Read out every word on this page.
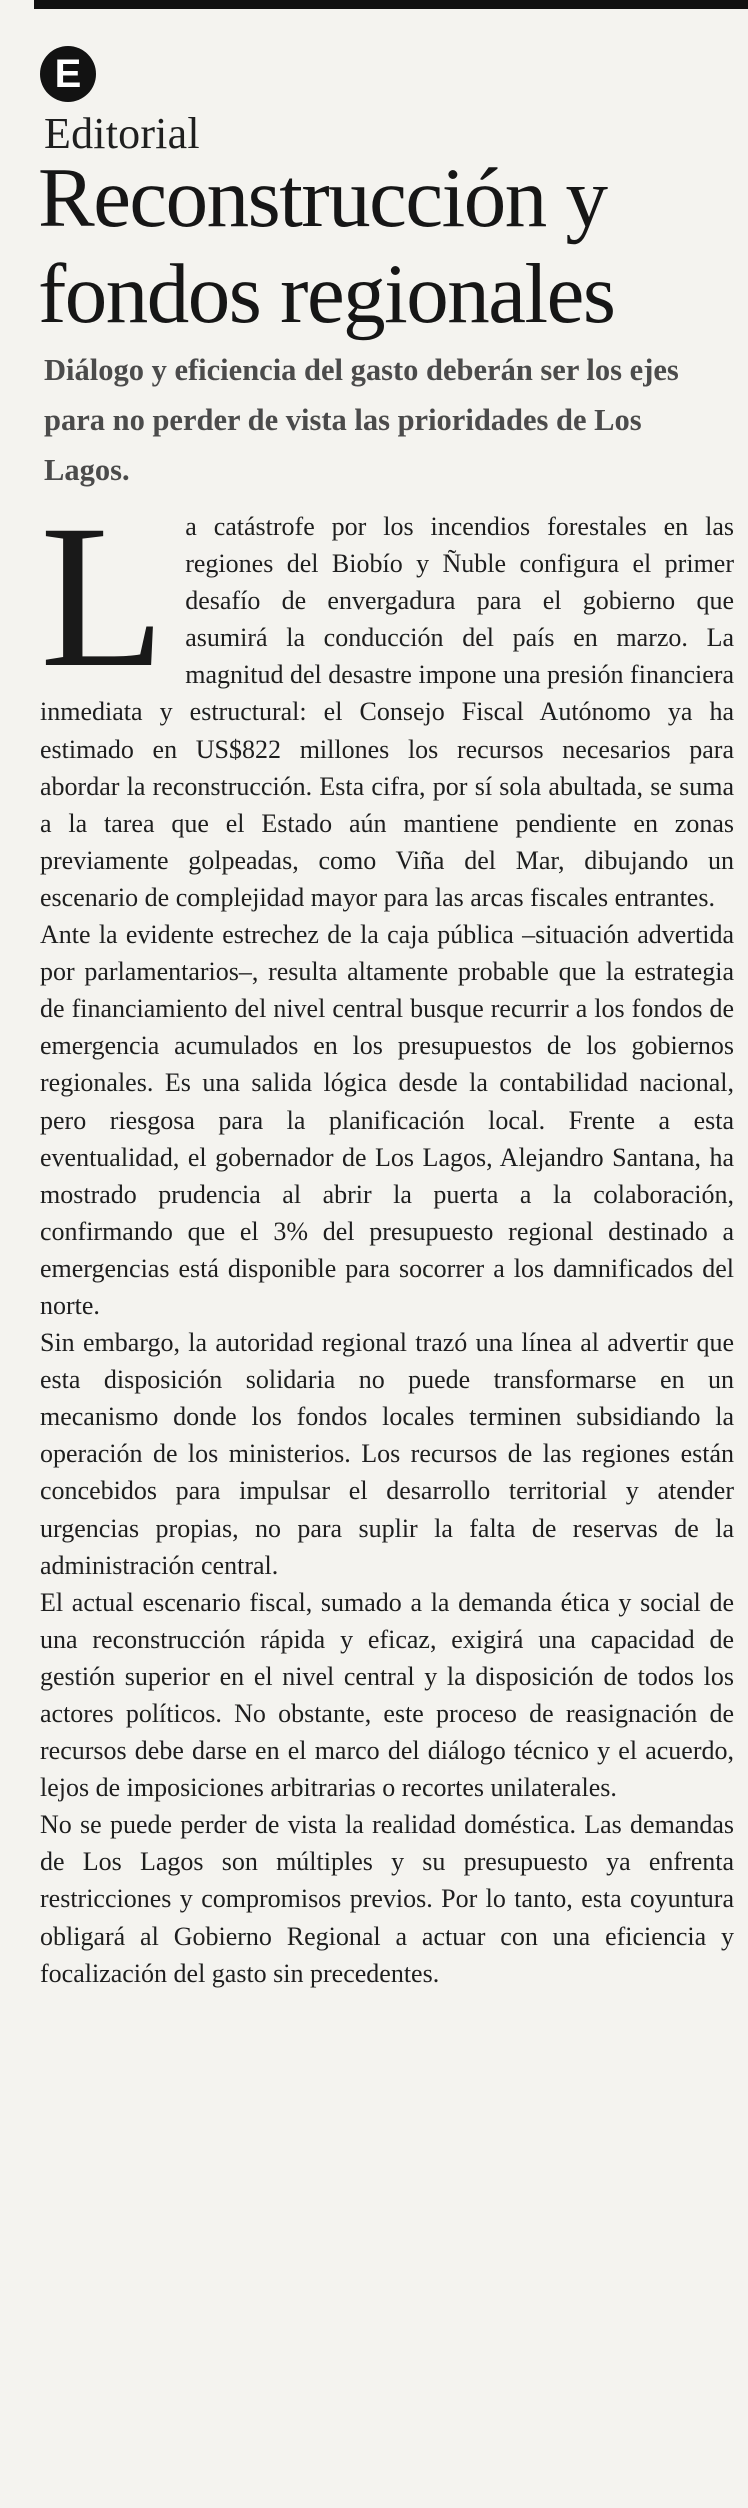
E
Editorial
Reconstrucción y fondos regionales

Diálogo y eficiencia del gasto deberán ser los ejes para no perder de vista las prioridades de Los Lagos.

La catástrofe por los incendios forestales en las regiones del Biobío y Ñuble configura el primer desafío de envergadura para el gobierno que asumirá la conducción del país en marzo. La magnitud del desastre impone una presión financiera inmediata y estructural: el Consejo Fiscal Autónomo ya ha estimado en US$822 millones los recursos necesarios para abordar la reconstrucción. Esta cifra, por sí sola abultada, se suma a la tarea que el Estado aún mantiene pendiente en zonas previamente golpeadas, como Viña del Mar, dibujando un escenario de complejidad mayor para las arcas fiscales entrantes.

Ante la evidente estrechez de la caja pública –situación advertida por parlamentarios–, resulta altamente probable que la estrategia de financiamiento del nivel central busque recurrir a los fondos de emergencia acumulados en los presupuestos de los gobiernos regionales. Es una salida lógica desde la contabilidad nacional, pero riesgosa para la planificación local. Frente a esta eventualidad, el gobernador de Los Lagos, Alejandro Santana, ha mostrado prudencia al abrir la puerta a la colaboración, confirmando que el 3% del presupuesto regional destinado a emergencias está disponible para socorrer a los damnificados del norte.

Sin embargo, la autoridad regional trazó una línea al advertir que esta disposición solidaria no puede transformarse en un mecanismo donde los fondos locales terminen subsidiando la operación de los ministerios. Los recursos de las regiones están concebidos para impulsar el desarrollo territorial y atender urgencias propias, no para suplir la falta de reservas de la administración central.

El actual escenario fiscal, sumado a la demanda ética y social de una reconstrucción rápida y eficaz, exigirá una capacidad de gestión superior en el nivel central y la disposición de todos los actores políticos. No obstante, este proceso de reasignación de recursos debe darse en el marco del diálogo técnico y el acuerdo, lejos de imposiciones arbitrarias o recortes unilaterales.

No se puede perder de vista la realidad doméstica. Las demandas de Los Lagos son múltiples y su presupuesto ya enfrenta restricciones y compromisos previos. Por lo tanto, esta coyuntura obligará al Gobierno Regional a actuar con una eficiencia y focalización del gasto sin precedentes.
